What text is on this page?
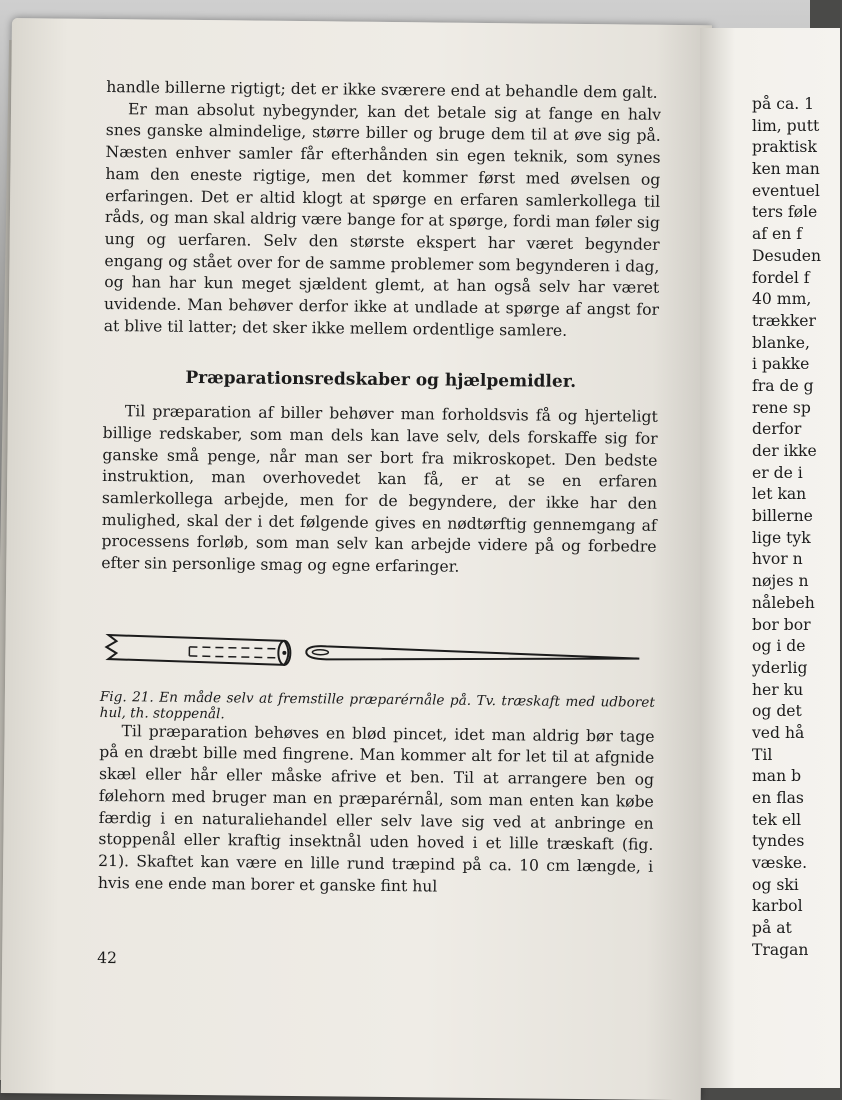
handle billerne rigtigt; det er ikke sværere end at behandle dem galt.

Er man absolut nybegynder, kan det betale sig at fange en halv snes ganske almindelige, større biller og bruge dem til at øve sig på. Næsten enhver samler får efterhånden sin egen teknik, som synes ham den eneste rigtige, men det kommer først med øvelsen og erfaringen. Det er altid klogt at spørge en erfaren samlerkollega til råds, og man skal aldrig være bange for at spørge, fordi man føler sig ung og uerfaren. Selv den største ekspert har været begynder engang og stået over for de samme problemer som begynderen i dag, og han har kun meget sjældent glemt, at han også selv har været uvidende. Man behøver derfor ikke at undlade at spørge af angst for at blive til latter; det sker ikke mellem ordentlige samlere.

Præparationsredskaber og hjælpemidler.

Til præparation af biller behøver man forholdsvis få og hjerteligt billige redskaber, som man dels kan lave selv, dels forskaffe sig for ganske små penge, når man ser bort fra mikroskopet. Den bedste instruktion, man overhovedet kan få, er at se en erfaren samlerkollega arbejde, men for de begyndere, der ikke har den mulighed, skal der i det følgende gives en nødtørftig gennemgang af processens forløb, som man selv kan arbejde videre på og forbedre efter sin personlige smag og egne erfaringer.

Fig. 21. En måde selv at fremstille præparérnåle på. Tv. træskaft med udboret hul, th. stoppenål.

Til præparation behøves en blød pincet, idet man aldrig bør tage på en dræbt bille med fingrene. Man kommer alt for let til at afgnide skæl eller hår eller måske afrive et ben. Til at arrangere ben og følehorn med bruger man en præparérnål, som man enten kan købe færdig i en naturaliehandel eller selv lave sig ved at anbringe en stoppenål eller kraftig insektnål uden hoved i et lille træskaft (fig. 21). Skaftet kan være en lille rund træpind på ca. 10 cm længde, i hvis ene ende man borer et ganske fint hul

42
på ca. 1
lim, putt
praktisk
ken man
eventuel
ters føle
af en f
Desuden
fordel f
40 mm,
trækker
blanke,
i pakke
fra de g
rene sp
derfor
der ikke
er de i
let kan
billerne
lige tyk
hvor n
nøjes n
nålebeh
bor bor
og i de
yderlig
her ku
og det
ved hå
Til
man b
en flas
tek ell
tyndes
væske.
og ski
karbol
på at
Tragan
